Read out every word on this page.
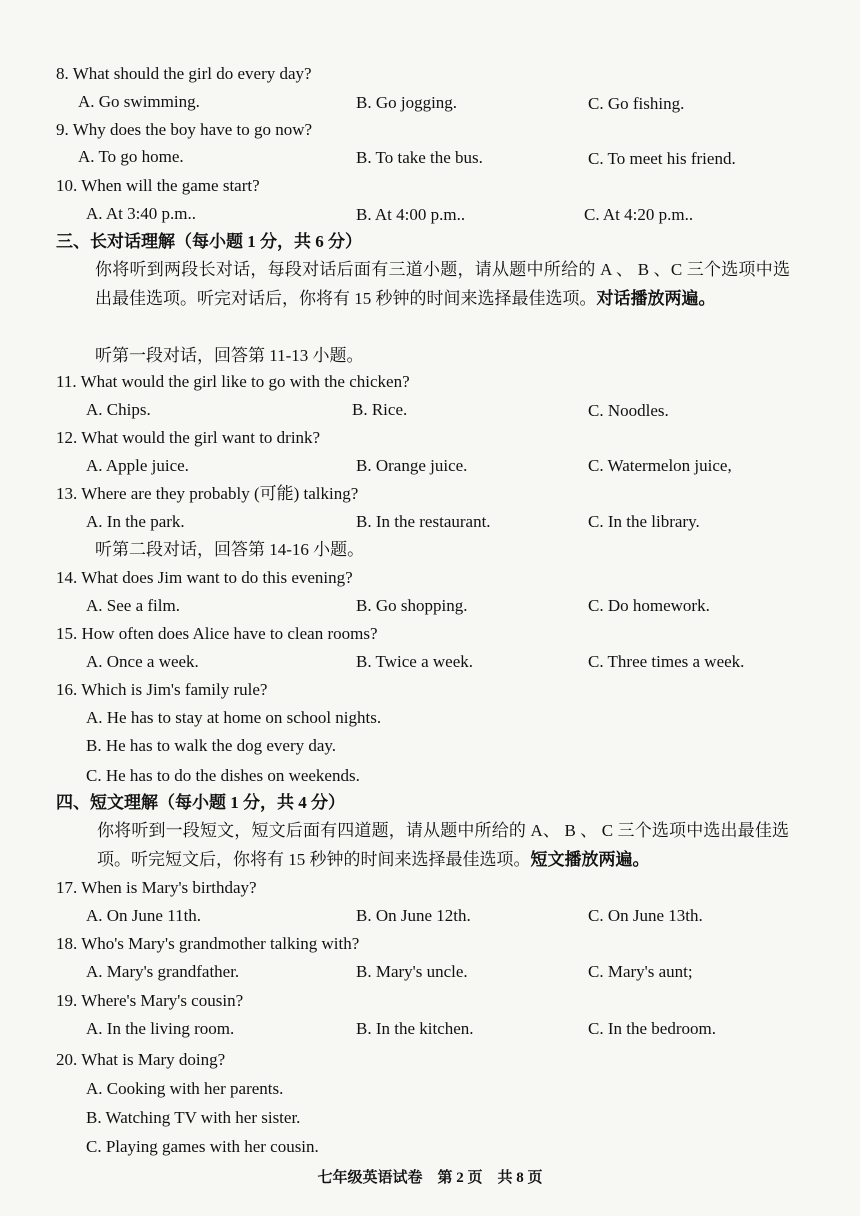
8. What should the girl do every day?
A. Go swimming.	B. Go jogging.	C. Go fishing.
9. Why does the boy have to go now?
A. To go home.	B. To take the bus.	C. To meet his friend.
10. When will the game start?
A. At 3:40 p.m..	B. At 4:00 p.m..	C. At 4:20 p.m..
三、长对话理解（每小题 1 分，共 6 分）
你将听到两段长对话，每段对话后面有三道小题，请从题中所给的 A 、 B 、C 三个选项中选出最佳选项。听完对话后，你将有 15 秒钟的时间来选择最佳选项。对话播放两遍。
听第一段对话，回答第 11-13 小题。
11. What would the girl like to go with the chicken?
A. Chips.	B. Rice.	C. Noodles.
12. What would the girl want to drink?
A. Apple juice.	B. Orange juice.	C. Watermelon juice,
13. Where are they probably (可能) talking?
A. In the park.	B. In the restaurant.	C. In the library.
听第二段对话，回答第 14-16 小题。
14. What does Jim want to do this evening?
A. See a film.	B. Go shopping.	C. Do homework.
15. How often does Alice have to clean rooms?
A. Once a week.	B. Twice a week.	C. Three times a week.
16. Which is Jim's family rule?
A. He has to stay at home on school nights.
B. He has to walk the dog every day.
C. He has to do the dishes on weekends.
四、短文理解（每小题 1 分，共 4 分）
你将听到一段短文，短文后面有四道题，请从题中所给的 A、 B 、 C 三个选项中选出最佳选项。听完短文后，你将有 15 秒钟的时间来选择最佳选项。短文播放两遍。
17. When is Mary's birthday?
A. On June 11th.	B. On June 12th.	C. On June 13th.
18. Who's Mary's grandmother talking with?
A. Mary's grandfather.	B. Mary's uncle.	C. Mary's aunt;
19. Where's Mary's cousin?
A. In the living room.	B. In the kitchen.	C. In the bedroom.
20. What is Mary doing?
A. Cooking with her parents.
B. Watching TV with her sister.
C. Playing games with her cousin.
七年级英语试卷　第 2 页　共 8 页
